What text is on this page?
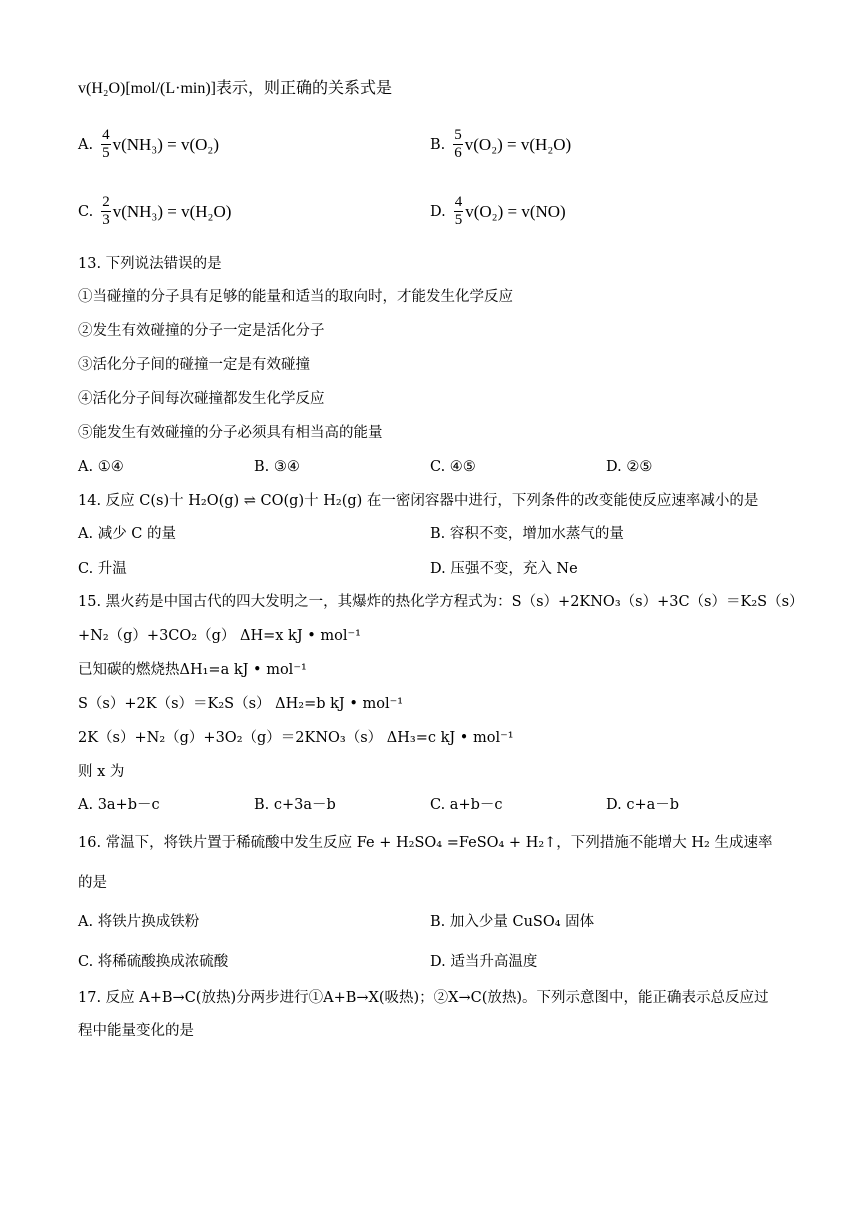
v(H₂O)[mol/(L·min)]表示，则正确的关系式是
A. $\frac{4}{5} v(NH_3) = v(O_2)$	B. $\frac{5}{6} v(O_2) = v(H_2O)$
C. $\frac{2}{3} v(NH_3) = v(H_2O)$	D. $\frac{4}{5} v(O_2) = v(NO)$
13. 下列说法错误的是
①当碰撞的分子具有足够的能量和适当的取向时，才能发生化学反应
②发生有效碰撞的分子一定是活化分子
③活化分子间的碰撞一定是有效碰撞
④活化分子间每次碰撞都发生化学反应
⑤能发生有效碰撞的分子必须具有相当高的能量
A. ①④	B. ③④	C. ④⑤	D. ②⑤
14. 反应 C(s)十 H₂O(g) ⇌ CO(g)十 H₂(g) 在一密闭容器中进行，下列条件的改变能使反应速率减小的是
A. 减少 C 的量	B. 容积不变，增加水蒸气的量
C. 升温	D. 压强不变，充入 Ne
15. 黑火药是中国古代的四大发明之一，其爆炸的热化学方程式为：S（s）+2KNO₃（s）+3C（s）＝K₂S（s）
+N₂（g）+3CO₂（g） ΔH=x kJ • mol⁻¹
已知碳的燃烧热ΔH₁=a kJ • mol⁻¹
S（s）+2K（s）＝K₂S（s） ΔH₂=b kJ • mol⁻¹
2K（s）+N₂（g）+3O₂（g）＝2KNO₃（s） ΔH₃=c kJ • mol⁻¹
则 x 为
A. 3a+b－c	B. c+3a－b	C. a+b－c	D. c+a－b
16. 常温下，将铁片置于稀硫酸中发生反应 Fe + H₂SO₄ =FeSO₄ + H₂↑，下列措施不能增大 H₂ 生成速率
的是
A. 将铁片换成铁粉	B. 加入少量 CuSO₄ 固体
C. 将稀硫酸换成浓硫酸	D. 适当升高温度
17. 反应 A+B→C(放热)分两步进行①A+B→X(吸热)；②X→C(放热)。下列示意图中，能正确表示总反应过
程中能量变化的是
